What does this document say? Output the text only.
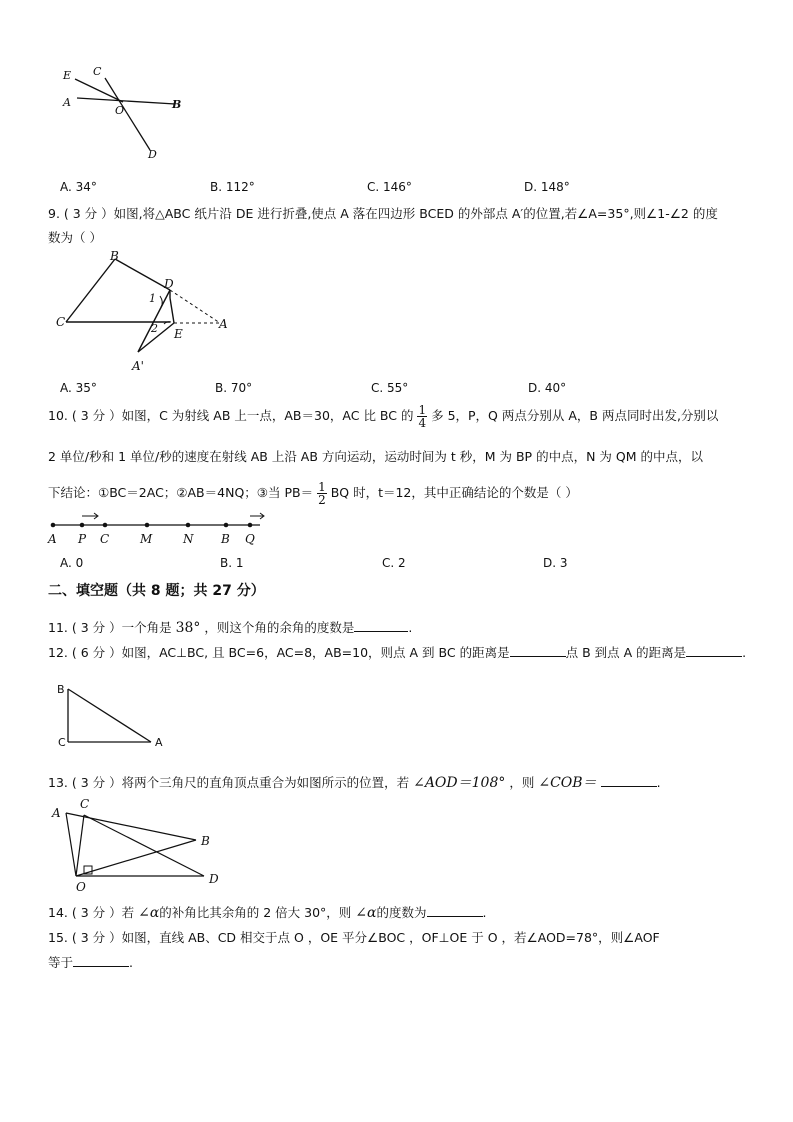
E C
A
O	B
D
A. 34°	B. 112°	C. 146°	D. 148°
9. ( 3 分 ）如图,将△ABC 纸片沿 DE 进行折叠,使点 A 落在四边形 BCED 的外部点 A′的位置,若∠A=35°,则∠1-∠2 的度
数为（ ）
B
D
1
C	A
2 E
A'
A. 35°	B. 70°	C. 55°	D. 40°
10. ( 3 分 ）如图，C 为射线 AB 上一点，AB＝30，AC 比 BC 的 $\frac{1}{4}$ 多 5，P，Q 两点分别从 A，B 两点同时出发,分别以
2 单位/秒和 1 单位/秒的速度在射线 AB 上沿 AB 方向运动，运动时间为 t 秒，M 为 BP 的中点，N 为 QM 的中点，以
下结论：①BC＝2AC；②AB＝4NQ；③当 $PB= \frac{1}{2}$ BQ 时，t＝12，其中正确结论的个数是（ ）
A P C	M	N B Q
A. 0	B. 1	C. 2	D. 3
二、填空题（共 8 题；共 27 分）
11. ( 3 分 ）一个角是 38° ，则这个角的余角的度数是	.
12. ( 6 分 ）如图，AC⊥BC, 且 BC=6，AC=8，AB=10，则点 A 到 BC 的距离是	点 B 到点 A 的距离是	.
B
C	A
13. ( 3 分 ）将两个三角尺的直角顶点重合为如图所示的位置，若 ∠AOD＝108° ，则 ∠COB＝	.
A
C
B
O
D
14. ( 3 分 ）若 ∠α的补角比其余角的 2 倍大 30°，则 ∠α的度数为	.
15. ( 3 分 ）如图，直线 AB、CD 相交于点 O ，OE 平分∠BOC ，OF⊥OE 于 O ，若∠AOD=78°，则∠AOF
等于	.
